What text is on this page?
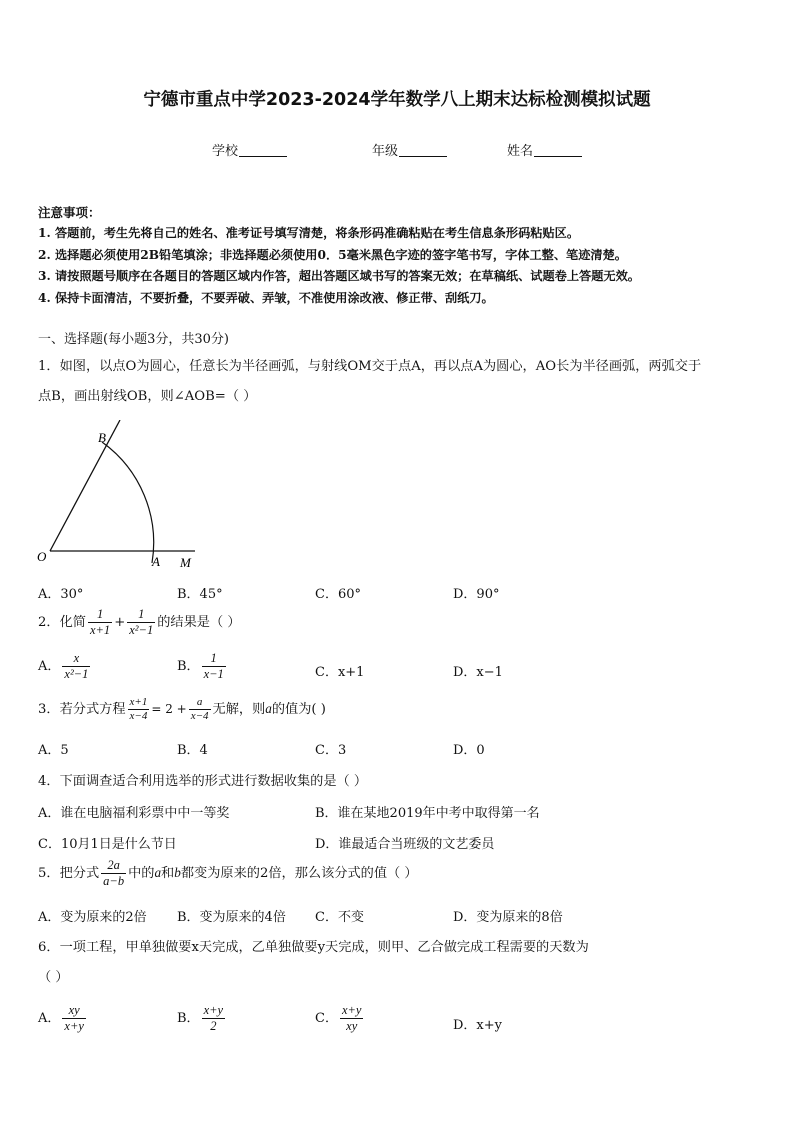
宁德市重点中学2023-2024学年数学八上期末达标检测模拟试题
学校	年级	姓名
注意事项：
1. 答题前，考生先将自己的姓名、准考证号填写清楚，将条形码准确粘贴在考生信息条形码粘贴区。
2. 选择题必须使用2B铅笔填涂；非选择题必须使用0．5毫米黑色字迹的签字笔书写，字体工整、笔迹清楚。
3. 请按照题号顺序在各题目的答题区域内作答，超出答题区域书写的答案无效；在草稿纸、试题卷上答题无效。
4. 保持卡面清洁，不要折叠，不要弄破、弄皱，不准使用涂改液、修正带、刮纸刀。
一、选择题(每小题3分，共30分)
1．如图，以点O为圆心，任意长为半径画弧，与射线OM交于点A，再以点A为圆心，AO长为半径画弧，两弧交于
点B，画出射线OB，则∠AOB=（ ）
B
O	A M
A．30°	B．45°	C．60°	D．90°
2．化简 $\frac{1}{x+1} + \frac{1}{\text{x²−1}}$ 的结果是（ ）
A． $\frac{x}{\text{x²−1}}$	B． $\frac{1}{x-1}$	C．x+1	D．x−1
3．若分式方程 $\frac{x+1}{x-4} = 2 + \frac{a}{x-4}$ 无解，则a的值为( )
A．5	B．4	C．3	D．0
4．下面调查适合利用选举的形式进行数据收集的是（ ）
A．谁在电脑福利彩票中中一等奖	B．谁在某地2019年中考中取得第一名
C．10月1日是什么节日	D．谁最适合当班级的文艺委员
5．把分式 $\frac{2a}{a-b}$ 中的a和b都变为原来的2倍，那么该分式的值（ ）
A．变为原来的2倍 B．变为原来的4倍 C．不变	D．变为原来的8倍
6．一项工程，甲单独做要x天完成，乙单独做要y天完成，则甲、乙合做完成工程需要的天数为
（ ）
A． $\frac{xy}{x+y}$	B． $\frac{x+y}{2}$	C． $\frac{x+y}{xy}$	D．x+y
